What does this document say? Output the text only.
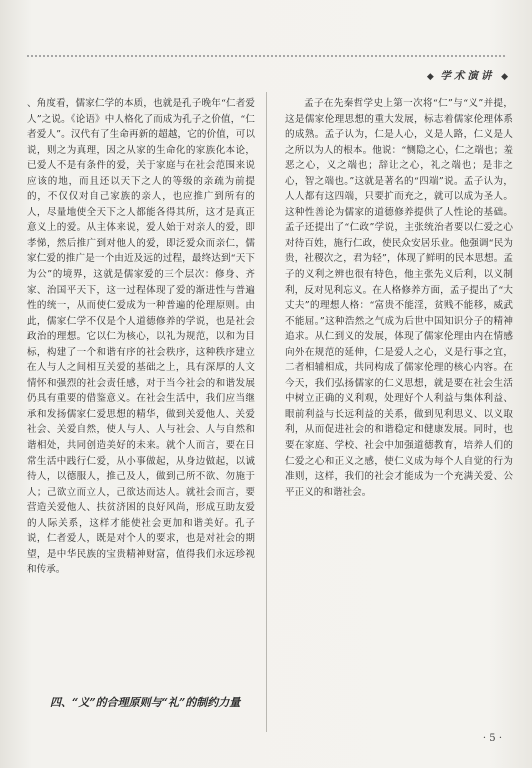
◆ 学术演讲 ◆

、角度看，儒家仁学的本质，也就是孔子晚年“仁者爱人”之说。《论语》中人格化了而成为孔子之价值，“仁者爱人”。汉代有了生命再新的超越，它的价值，可以说，则之为真理，因之从家的生命化的家族化本论，已爱人不是有条件的爱，关于家庭与在社会范围来说应该的地，而且还以天下之人的等级的亲疏为前提的，不仅仅对自己家族的亲人，也应推广到所有的人，尽量地使全天下之人都能各得其所，这才是真正意义上的爱。从主体来说，爱人始于对亲人的爱，即孝悌，然后推广到对他人的爱，即泛爱众而亲仁，儒家仁爱的推广是一个由近及远的过程，最终达到“天下为公”的境界，这就是儒家爱的三个层次：修身、齐家、治国平天下，这一过程体现了爱的渐进性与普遍性的统一，从而使仁爱成为一种普遍的伦理原则。由此，儒家仁学不仅是个人道德修养的学说，也是社会政治的理想。它以仁为核心，以礼为规范，以和为目标，构建了一个和谐有序的社会秩序，这种秩序建立在人与人之间相互关爱的基础之上，具有深厚的人文情怀和强烈的社会责任感，对于当今社会的和谐发展仍具有重要的借鉴意义。在社会生活中，我们应当继承和发扬儒家仁爱思想的精华，做到关爱他人、关爱社会、关爱自然，使人与人、人与社会、人与自然和谐相处，共同创造美好的未来。就个人而言，要在日常生活中践行仁爱，从小事做起，从身边做起，以诚待人，以德服人，推己及人，做到己所不欲、勿施于人；己欲立而立人，己欲达而达人。就社会而言，要营造关爱他人、扶贫济困的良好风尚，形成互助友爱的人际关系，这样才能使社会更加和谐美好。孔子说，仁者爱人，既是对个人的要求，也是对社会的期望，是中华民族的宝贵精神财富，值得我们永远珍视和传承。

孟子在先秦哲学史上第一次将“仁”与“义”并提，这是儒家伦理思想的重大发展，标志着儒家伦理体系的成熟。孟子认为，仁是人心，义是人路，仁义是人之所以为人的根本。他说：“恻隐之心，仁之端也；羞恶之心，义之端也；辞让之心，礼之端也；是非之心，智之端也。”这就是著名的“四端”说。孟子认为，人人都有这四端，只要扩而充之，就可以成为圣人。这种性善论为儒家的道德修养提供了人性论的基础。孟子还提出了“仁政”学说，主张统治者要以仁爱之心对待百姓，施行仁政，使民众安居乐业。他强调“民为贵，社稷次之，君为轻”，体现了鲜明的民本思想。孟子的义利之辨也很有特色，他主张先义后利，以义制利，反对见利忘义。在人格修养方面，孟子提出了“大丈夫”的理想人格：“富贵不能淫，贫贱不能移，威武不能屈。”这种浩然之气成为后世中国知识分子的精神追求。从仁到义的发展，体现了儒家伦理由内在情感向外在规范的延伸，仁是爱人之心，义是行事之宜，二者相辅相成，共同构成了儒家伦理的核心内容。在今天，我们弘扬儒家的仁义思想，就是要在社会生活中树立正确的义利观，处理好个人利益与集体利益、眼前利益与长远利益的关系，做到见利思义、以义取利，从而促进社会的和谐稳定和健康发展。同时，也要在家庭、学校、社会中加强道德教育，培养人们的仁爱之心和正义之感，使仁义成为每个人自觉的行为准则，这样，我们的社会才能成为一个充满关爱、公平正义的和谐社会。

四、“义”的合理原则与“礼”的制约力量
· 5 ·
